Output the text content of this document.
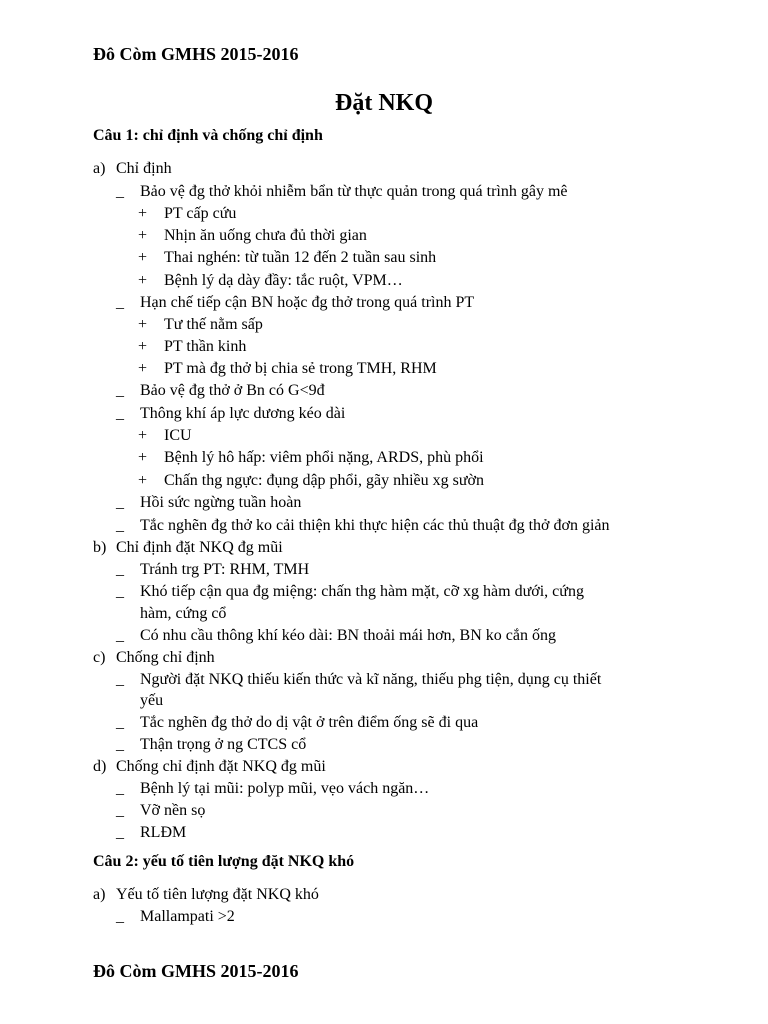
Đô Còm GMHS 2015-2016
Đặt NKQ
Câu 1: chỉ định và chống chỉ định
a) Chỉ định
_ Bảo vệ đg thở khỏi nhiễm bẩn từ thực quản trong quá trình gây mê
+ PT cấp cứu
+ Nhịn ăn uống chưa đủ thời gian
+ Thai nghén: từ tuần 12 đến 2 tuần sau sinh
+ Bệnh lý dạ dày đầy: tắc ruột, VPM…
_ Hạn chế tiếp cận BN hoặc đg thở trong quá trình PT
+ Tư thế nằm sấp
+ PT thần kinh
+ PT mà đg thở bị chia sẻ trong TMH, RHM
_ Bảo vệ đg thở ở Bn có G<9đ
_ Thông khí áp lực dương kéo dài
+ ICU
+ Bệnh lý hô hấp: viêm phổi nặng, ARDS, phù phổi
+ Chấn thg ngực: đụng dập phổi, gãy nhiều xg sườn
_ Hồi sức ngừng tuần hoàn
_ Tắc nghẽn đg thở ko cải thiện khi thực hiện các thủ thuật đg thở đơn giản
b) Chỉ định đặt NKQ đg mũi
_ Tránh trg PT: RHM, TMH
_ Khó tiếp cận qua đg miệng: chấn thg hàm mặt, cỡ xg hàm dưới, cứng
hàm, cứng cổ
_ Có nhu cầu thông khí kéo dài: BN thoải mái hơn, BN ko cắn ống
c) Chống chỉ định
_ Người đặt NKQ thiếu kiến thức và kĩ năng, thiếu phg tiện, dụng cụ thiết
yếu
_ Tắc nghẽn đg thở do dị vật ở trên điểm ống sẽ đi qua
_ Thận trọng ở ng CTCS cổ
d) Chống chỉ định đặt NKQ đg mũi
_ Bệnh lý tại mũi: polyp mũi, vẹo vách ngăn…
_ Vỡ nền sọ
_ RLĐM
Câu 2: yếu tố tiên lượng đặt NKQ khó
a) Yếu tố tiên lượng đặt NKQ khó
_ Mallampati >2
Đô Còm GMHS 2015-2016
